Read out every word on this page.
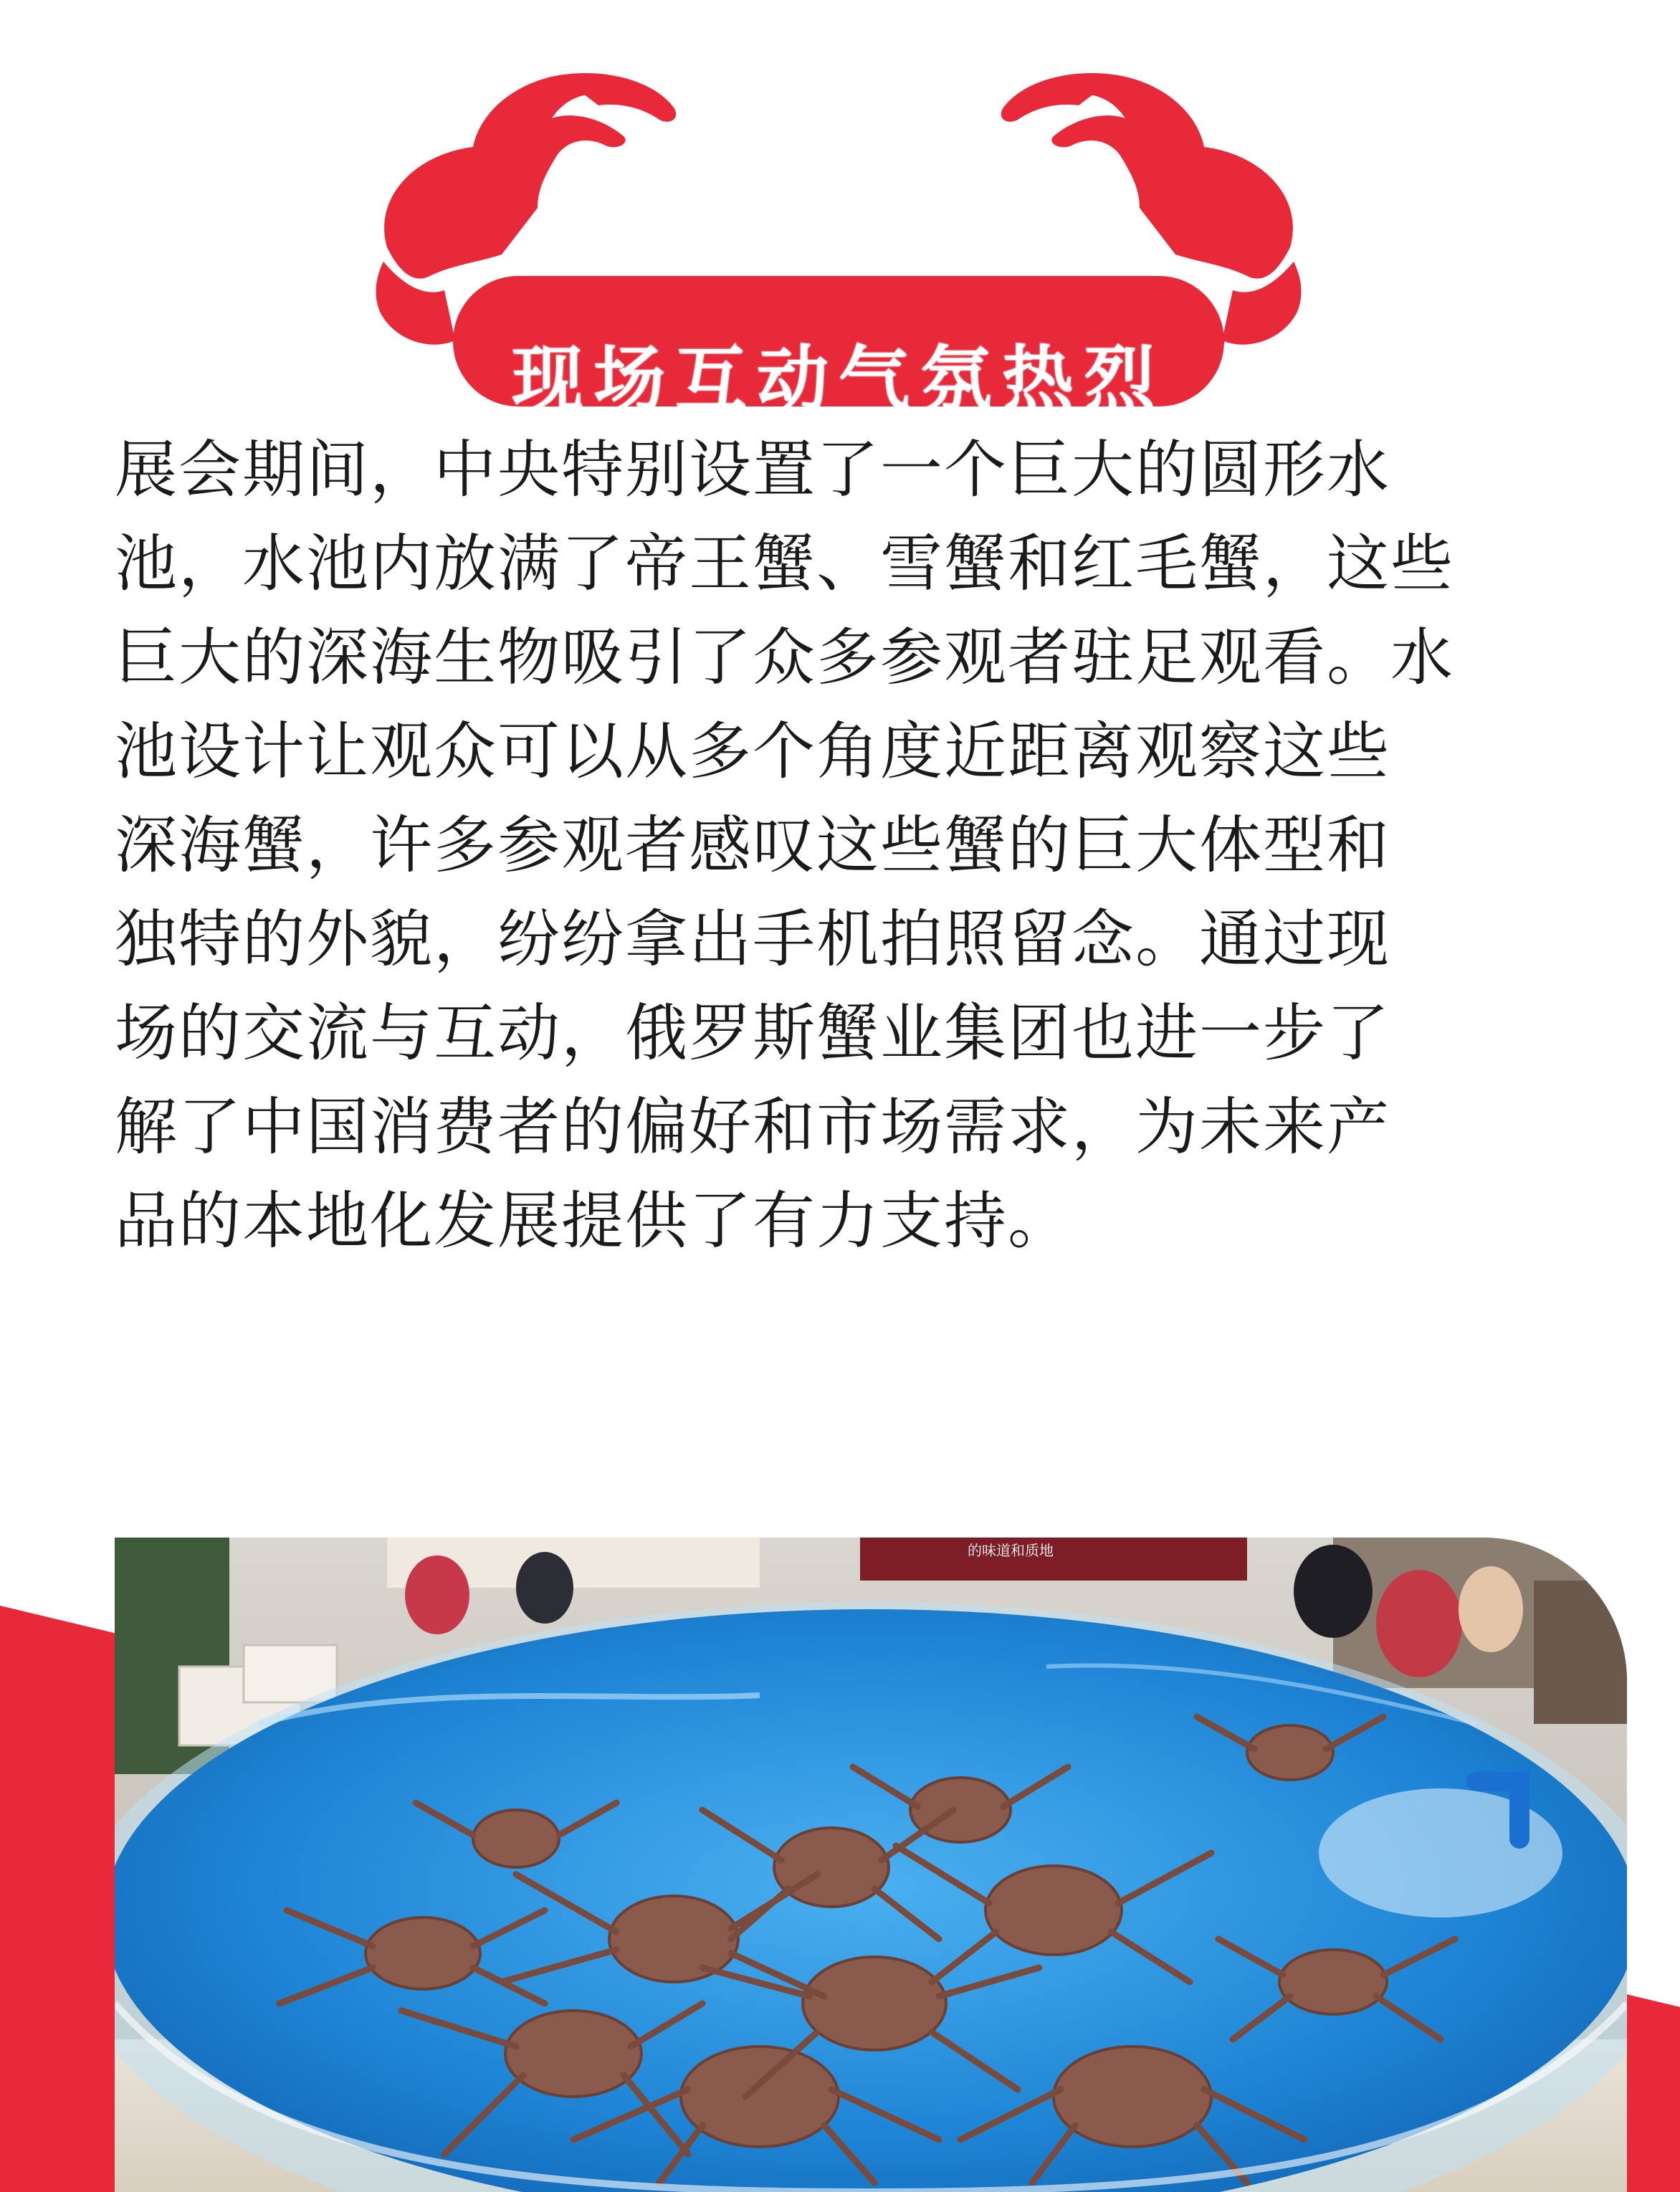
现场互动气氛热烈
展会期间，中央特别设置了一个巨大的圆形水
池，水池内放满了帝王蟹、雪蟹和红毛蟹，这些
巨大的深海生物吸引了众多参观者驻足观看。水
池设计让观众可以从多个角度近距离观察这些
深海蟹，许多参观者感叹这些蟹的巨大体型和
独特的外貌，纷纷拿出手机拍照留念。通过现
场的交流与互动，俄罗斯蟹业集团也进一步了
解了中国消费者的偏好和市场需求，为未来产
品的本地化发展提供了有力支持。
的味道和质地
